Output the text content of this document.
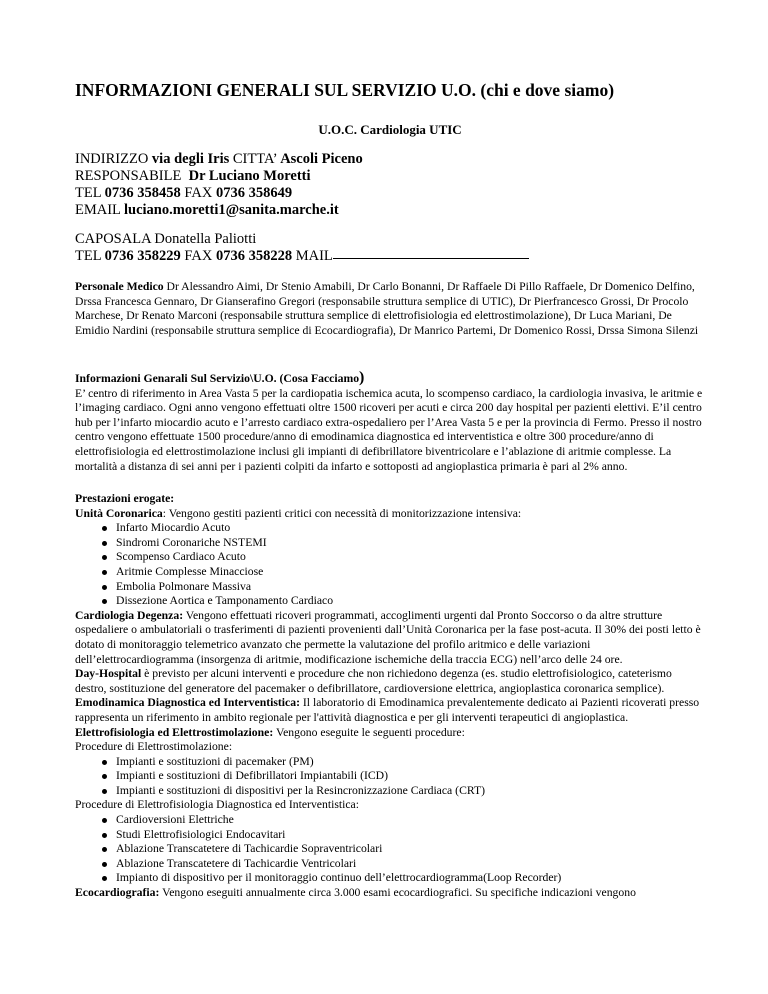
INFORMAZIONI GENERALI SUL SERVIZIO U.O. (chi e dove siamo)
U.O.C. Cardiologia UTIC
INDIRIZZO via degli Iris CITTA’ Ascoli Piceno
RESPONSABILE Dr Luciano Moretti
TEL 0736 358458 FAX 0736 358649
EMAIL luciano.moretti1@sanita.marche.it
CAPOSALA Donatella Paliotti
TEL 0736 358229 FAX 0736 358228 MAIL
Personale Medico Dr Alessandro Aimi, Dr Stenio Amabili, Dr Carlo Bonanni, Dr Raffaele Di Pillo Raffaele, Dr Domenico Delfino, Drssa Francesca Gennaro, Dr Gianserafino Gregori (responsabile struttura semplice di UTIC), Dr Pierfrancesco Grossi, Dr Procolo Marchese, Dr Renato Marconi (responsabile struttura semplice di elettrofisiologia ed elettrostimolazione), Dr Luca Mariani, De Emidio Nardini (responsabile struttura semplice di Ecocardiografia), Dr Manrico Partemi, Dr Domenico Rossi, Drssa Simona Silenzi
Informazioni Genarali Sul Servizio\U.O. (Cosa Facciamo)
E’ centro di riferimento in Area Vasta 5 per la cardiopatia ischemica acuta, lo scompenso cardiaco, la cardiologia invasiva, le aritmie e l’imaging cardiaco. Ogni anno vengono effettuati oltre 1500 ricoveri per acuti e circa 200 day hospital per pazienti elettivi. E’il centro hub per l’infarto miocardio acuto e l’arresto cardiaco extra-ospedaliero per l’Area Vasta 5 e per la provincia di Fermo. Presso il nostro centro vengono effettuate 1500 procedure/anno di emodinamica diagnostica ed interventistica e oltre 300 procedure/anno di elettrofisiologia ed elettrostimolazione inclusi gli impianti di defibrillatore biventricolare e l’ablazione di aritmie complesse. La mortalità a distanza di sei anni per i pazienti colpiti da infarto e sottoposti ad angioplastica primaria è pari al 2% anno.
Prestazioni erogate:
Unità Coronarica: Vengono gestiti pazienti critici con necessità di monitorizzazione intensiva:
Infarto Miocardio Acuto
Sindromi Coronariche NSTEMI
Scompenso Cardiaco Acuto
Aritmie Complesse Minacciose
Embolia Polmonare Massiva
Dissezione Aortica e Tamponamento Cardiaco
Cardiologia Degenza: Vengono effettuati ricoveri programmati, accoglimenti urgenti dal Pronto Soccorso o da altre strutture ospedaliere o ambulatoriali o trasferimenti di pazienti provenienti dall’Unità Coronarica per la fase post-acuta. Il 30% dei posti letto è dotato di monitoraggio telemetrico avanzato che permette la valutazione del profilo aritmico e delle variazioni dell’elettrocardiogramma (insorgenza di aritmie, modificazione ischemiche della traccia ECG) nell’arco delle 24 ore.
Day-Hospital è previsto per alcuni interventi e procedure che non richiedono degenza (es. studio elettrofisiologico, cateterismo destro, sostituzione del generatore del pacemaker o defibrillatore, cardioversione elettrica, angioplastica coronarica semplice).
Emodinamica Diagnostica ed Interventistica: Il laboratorio di Emodinamica prevalentemente dedicato ai Pazienti ricoverati presso rappresenta un riferimento in ambito regionale per l'attività diagnostica e per gli interventi terapeutici di angioplastica.
Elettrofisiologia ed Elettrostimolazione: Vengono eseguite le seguenti procedure:
Procedure di Elettrostimolazione:
Impianti e sostituzioni di pacemaker (PM)
Impianti e sostituzioni di Defibrillatori Impiantabili (ICD)
Impianti e sostituzioni di dispositivi per la Resincronizzazione Cardiaca (CRT)
Procedure di Elettrofisiologia Diagnostica ed Interventistica:
Cardioversioni Elettriche
Studi Elettrofisiologici Endocavitari
Ablazione Transcatetere di Tachicardie Sopraventricolari
Ablazione Transcatetere di Tachicardie Ventricolari
Impianto di dispositivo per il monitoraggio continuo dell’elettrocardiogramma(Loop Recorder)
Ecocardiografia: Vengono eseguiti annualmente circa 3.000 esami ecocardiografici. Su specifiche indicazioni vengono
